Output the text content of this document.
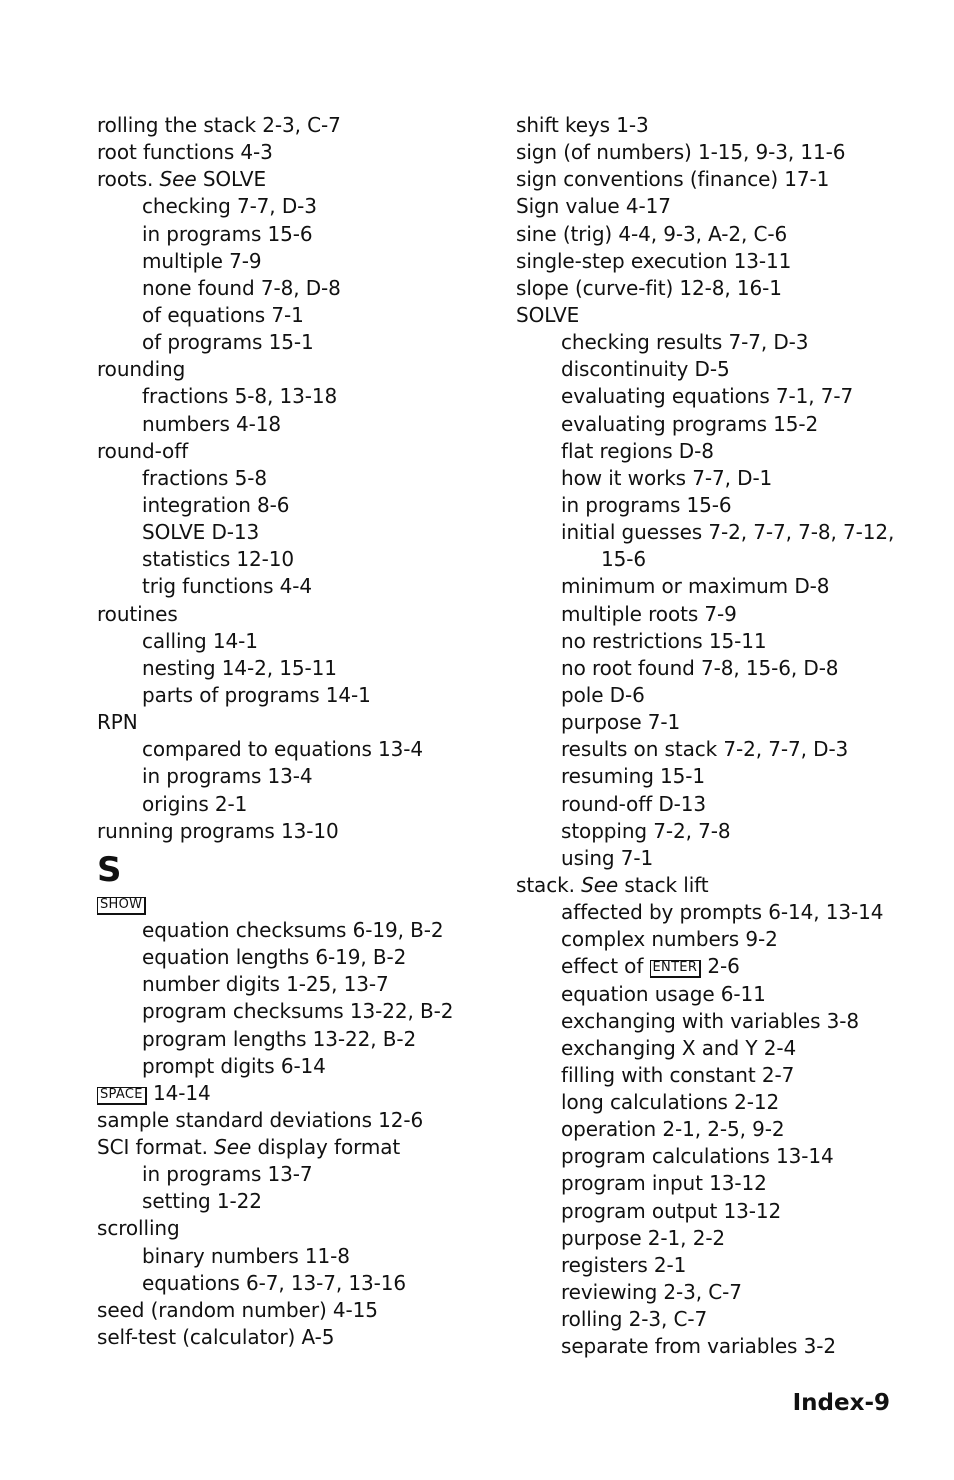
rolling the stack 2-3, C-7
root functions 4-3
roots. See SOLVE
checking 7-7, D-3
in programs 15-6
multiple 7-9
none found 7-8, D-8
of equations 7-1
of programs 15-1
rounding
fractions 5-8, 13-18
numbers 4-18
round-off
fractions 5-8
integration 8-6
SOLVE D-13
statistics 12-10
trig functions 4-4
routines
calling 14-1
nesting 14-2, 15-11
parts of programs 14-1
RPN
compared to equations 13-4
in programs 13-4
origins 2-1
running programs 13-10
S
SHOW
equation checksums 6-19, B-2
equation lengths 6-19, B-2
number digits 1-25, 13-7
program checksums 13-22, B-2
program lengths 13-22, B-2
prompt digits 6-14
SPACE 14-14
sample standard deviations 12-6
SCI format. See display format
in programs 13-7
setting 1-22
scrolling
binary numbers 11-8
equations 6-7, 13-7, 13-16
seed (random number) 4-15
self-test (calculator) A-5
shift keys 1-3
sign (of numbers) 1-15, 9-3, 11-6
sign conventions (finance) 17-1
Sign value 4-17
sine (trig) 4-4, 9-3, A-2, C-6
single-step execution 13-11
slope (curve-fit) 12-8, 16-1
SOLVE
checking results 7-7, D-3
discontinuity D-5
evaluating equations 7-1, 7-7
evaluating programs 15-2
flat regions D-8
how it works 7-7, D-1
in programs 15-6
initial guesses 7-2, 7-7, 7-8, 7-12,
15-6
minimum or maximum D-8
multiple roots 7-9
no restrictions 15-11
no root found 7-8, 15-6, D-8
pole D-6
purpose 7-1
results on stack 7-2, 7-7, D-3
resuming 15-1
round-off D-13
stopping 7-2, 7-8
using 7-1
stack. See stack lift
affected by prompts 6-14, 13-14
complex numbers 9-2
effect of ENTER 2-6
equation usage 6-11
exchanging with variables 3-8
exchanging X and Y 2-4
filling with constant 2-7
long calculations 2-12
operation 2-1, 2-5, 9-2
program calculations 13-14
program input 13-12
program output 13-12
purpose 2-1, 2-2
registers 2-1
reviewing 2-3, C-7
rolling 2-3, C-7
separate from variables 3-2
Index-9
